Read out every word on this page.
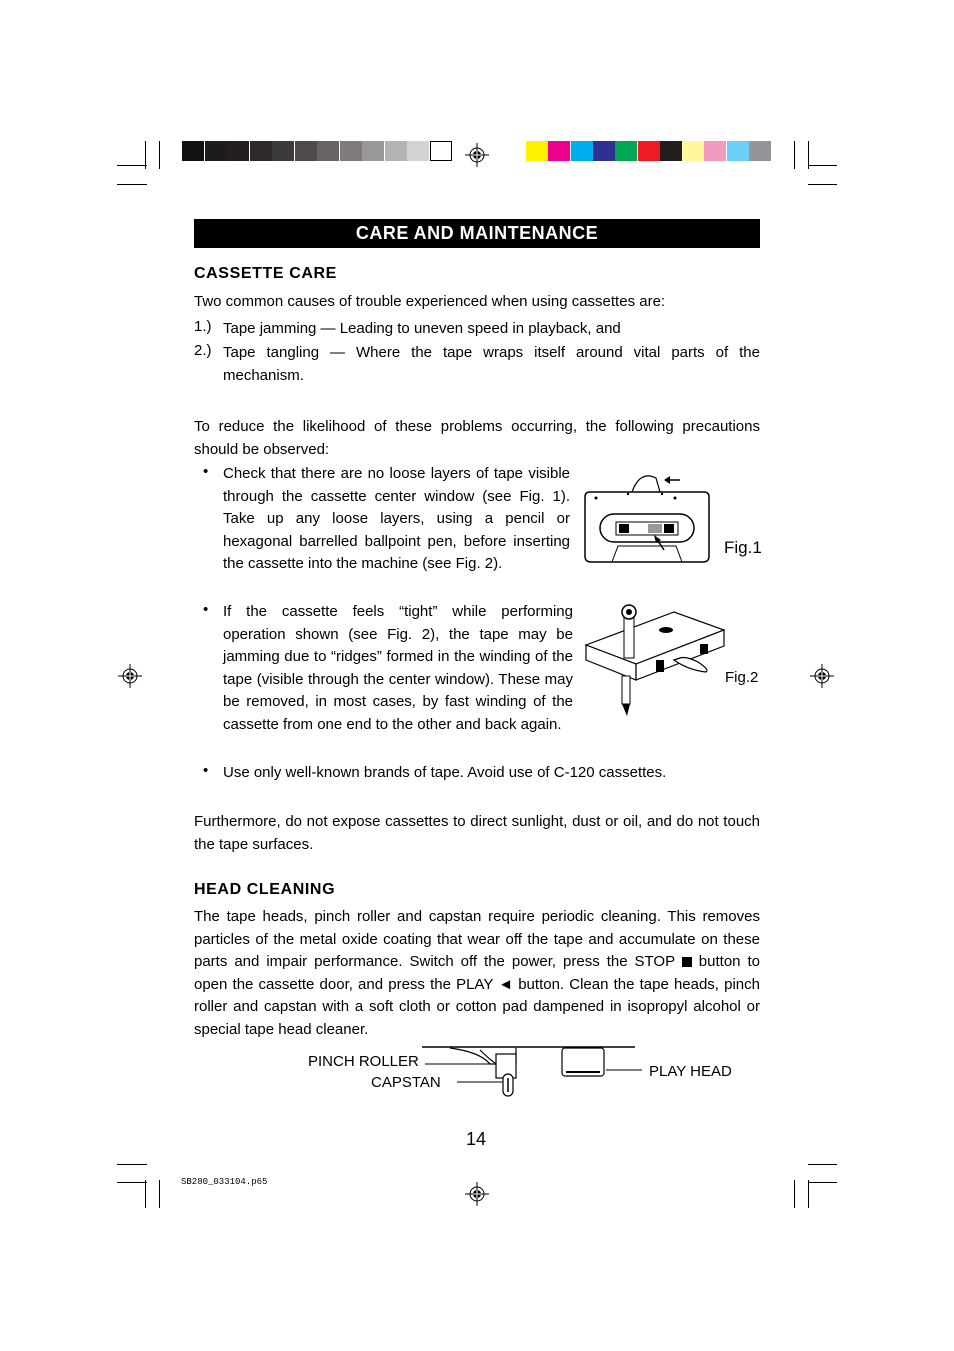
CARE AND MAINTENANCE
CASSETTE CARE
Two common causes of trouble experienced when using cassettes are:
1.) Tape jamming — Leading to uneven speed in playback, and
2.) Tape tangling — Where the tape wraps itself around vital parts of the mechanism.
To reduce the likelihood of these problems occurring, the following precautions should be observed:
• Check that there are no loose layers of tape visible through the cassette center window (see Fig. 1). Take up any loose layers, using a pencil or hexagonal barrelled ballpoint pen, before inserting the cassette into the machine (see Fig. 2).
• If the cassette feels “tight” while performing operation shown (see Fig. 2), the tape may be jamming due to “ridges” formed in the winding of the tape (visible through the center window). These may be removed, in most cases, by fast winding of the cassette from one end to the other and back again.
• Use only well-known brands of tape. Avoid use of C-120 cassettes.
Furthermore, do not expose cassettes to direct sunlight, dust or oil, and do not touch the tape surfaces.
Fig.1
Fig.2
HEAD CLEANING
The tape heads, pinch roller and capstan require periodic cleaning. This removes particles of the metal oxide coating that wear off the tape and accumulate on these parts and impair performance. Switch off the power, press the STOP button to open the cassette door, and press the PLAY ◄ button. Clean the tape heads, pinch roller and capstan with a soft cloth or cotton pad dampened in isopropyl alcohol or special tape head cleaner.
PINCH ROLLER
CAPSTAN
PLAY HEAD
14
SB280_033104.p65
